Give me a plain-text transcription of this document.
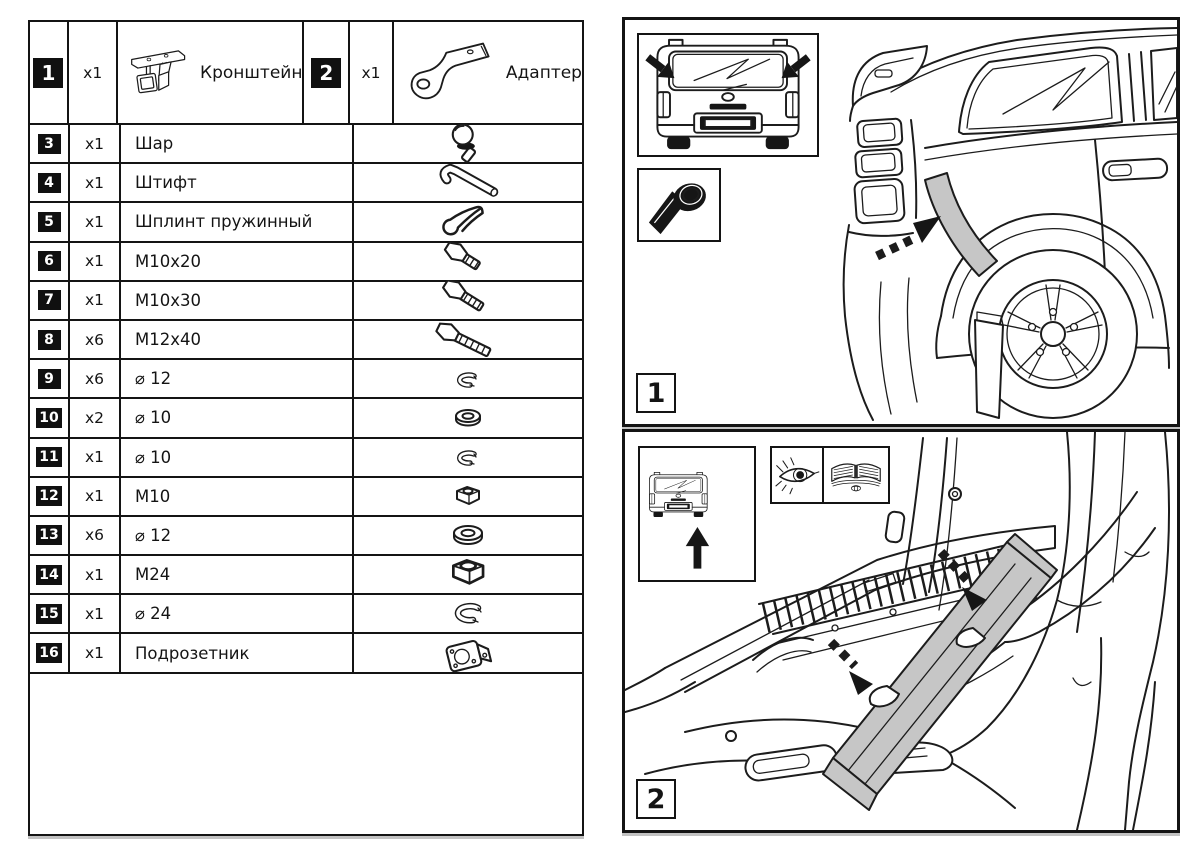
1	x1	Кронштейн 2	x1	Адаптер
3	x1	Шар
4	x1	Штифт
5	x1	Шплинт пружинный
6	x1	M10x20
7	x1	M10x30
8	x6	M12x40
9	x6	⌀ 12
10	x2	⌀ 10
11	x1	⌀ 10
12	x1	M10
13	x6	⌀ 12
14	x1	M24
15	x1	⌀ 24
16	x1	Подрозетник
1
2
